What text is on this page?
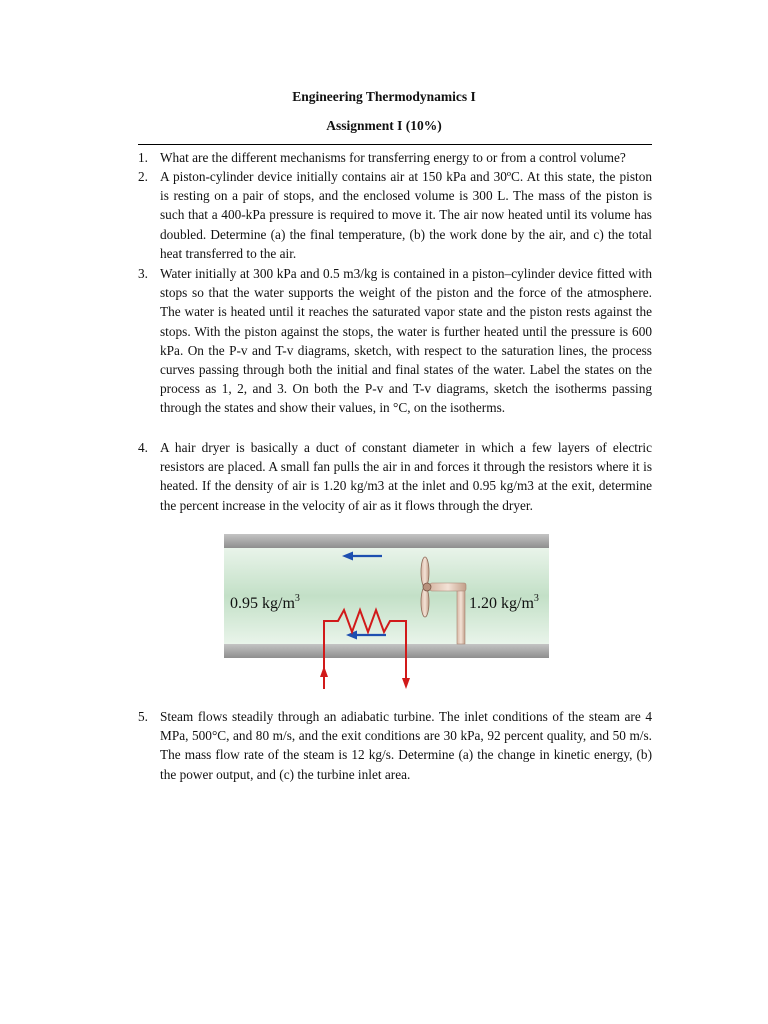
Engineering Thermodynamics I
Assignment I (10%)
1. What are the different mechanisms for transferring energy to or from a control volume?
2. A piston-cylinder device initially contains air at 150 kPa and 30ºC. At this state, the piston is resting on a pair of stops, and the enclosed volume is 300 L. The mass of the piston is such that a 400-kPa pressure is required to move it. The air now heated until its volume has doubled. Determine (a) the final temperature, (b) the work done by the air, and c) the total heat transferred to the air.
3. Water initially at 300 kPa and 0.5 m3/kg is contained in a piston–cylinder device fitted with stops so that the water supports the weight of the piston and the force of the atmosphere. The water is heated until it reaches the saturated vapor state and the piston rests against the stops. With the piston against the stops, the water is further heated until the pressure is 600 kPa. On the P-v and T-v diagrams, sketch, with respect to the saturation lines, the process curves passing through both the initial and final states of the water. Label the states on the process as 1, 2, and 3. On both the P-v and T-v diagrams, sketch the isotherms passing through the states and show their values, in °C, on the isotherms.
4. A hair dryer is basically a duct of constant diameter in which a few layers of electric resistors are placed. A small fan pulls the air in and forces it through the resistors where it is heated. If the density of air is 1.20 kg/m3 at the inlet and 0.95 kg/m3 at the exit, determine the percent increase in the velocity of air as it flows through the dryer.
0.95 $kg/m^3$	1.20 $kg/m^3$
5. Steam flows steadily through an adiabatic turbine. The inlet conditions of the steam are 4 MPa, 500°C, and 80 m/s, and the exit conditions are 30 kPa, 92 percent quality, and 50 m/s. The mass flow rate of the steam is 12 kg/s. Determine (a) the change in kinetic energy, (b) the power output, and (c) the turbine inlet area.
